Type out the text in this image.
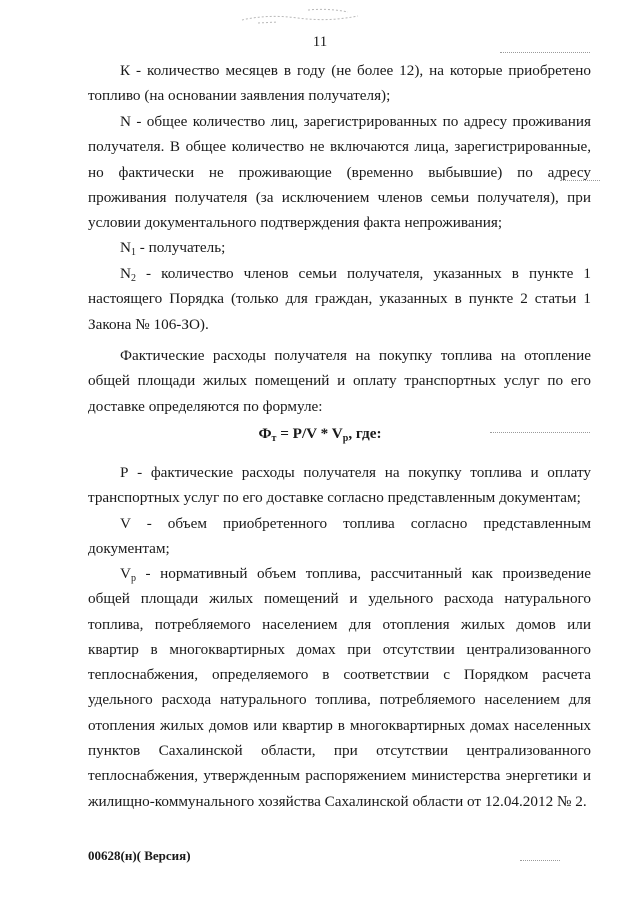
11

К - количество месяцев в году (не более 12), на которые приобретено топливо (на основании заявления получателя);

N - общее количество лиц, зарегистрированных по адресу проживания получателя. В общее количество не включаются лица, зарегистрированные, но фактически не проживающие (временно выбывшие) по адресу проживания получателя (за исключением членов семьи получателя), при условии документального подтверждения факта непроживания;

$N_1$ - получатель;

$N_2$ - количество членов семьи получателя, указанных в пункте 1 настоящего Порядка (только для граждан, указанных в пункте 2 статьи 1 Закона № 106-ЗО).

Фактические расходы получателя на покупку топлива на отопление общей площади жилых помещений и оплату транспортных услуг по его доставке определяются по формуле:

$Ф_т = P/V * V_р$, где:

Р - фактические расходы получателя на покупку топлива и оплату транспортных услуг по его доставке согласно представленным документам;

V - объем приобретенного топлива согласно представленным документам;

$V_р$ - нормативный объем топлива, рассчитанный как произведение общей площади жилых помещений и удельного расхода натурального топлива, потребляемого населением для отопления жилых домов или квартир в многоквартирных домах при отсутствии централизованного теплоснабжения, определяемого в соответствии с Порядком расчета удельного расхода натурального топлива, потребляемого населением для отопления жилых домов или квартир в многоквартирных домах населенных пунктов Сахалинской области, при отсутствии централизованного теплоснабжения, утвержденным распоряжением министерства энергетики и жилищно-коммунального хозяйства Сахалинской области от 12.04.2012 № 2.

00628(н)( Версия)
